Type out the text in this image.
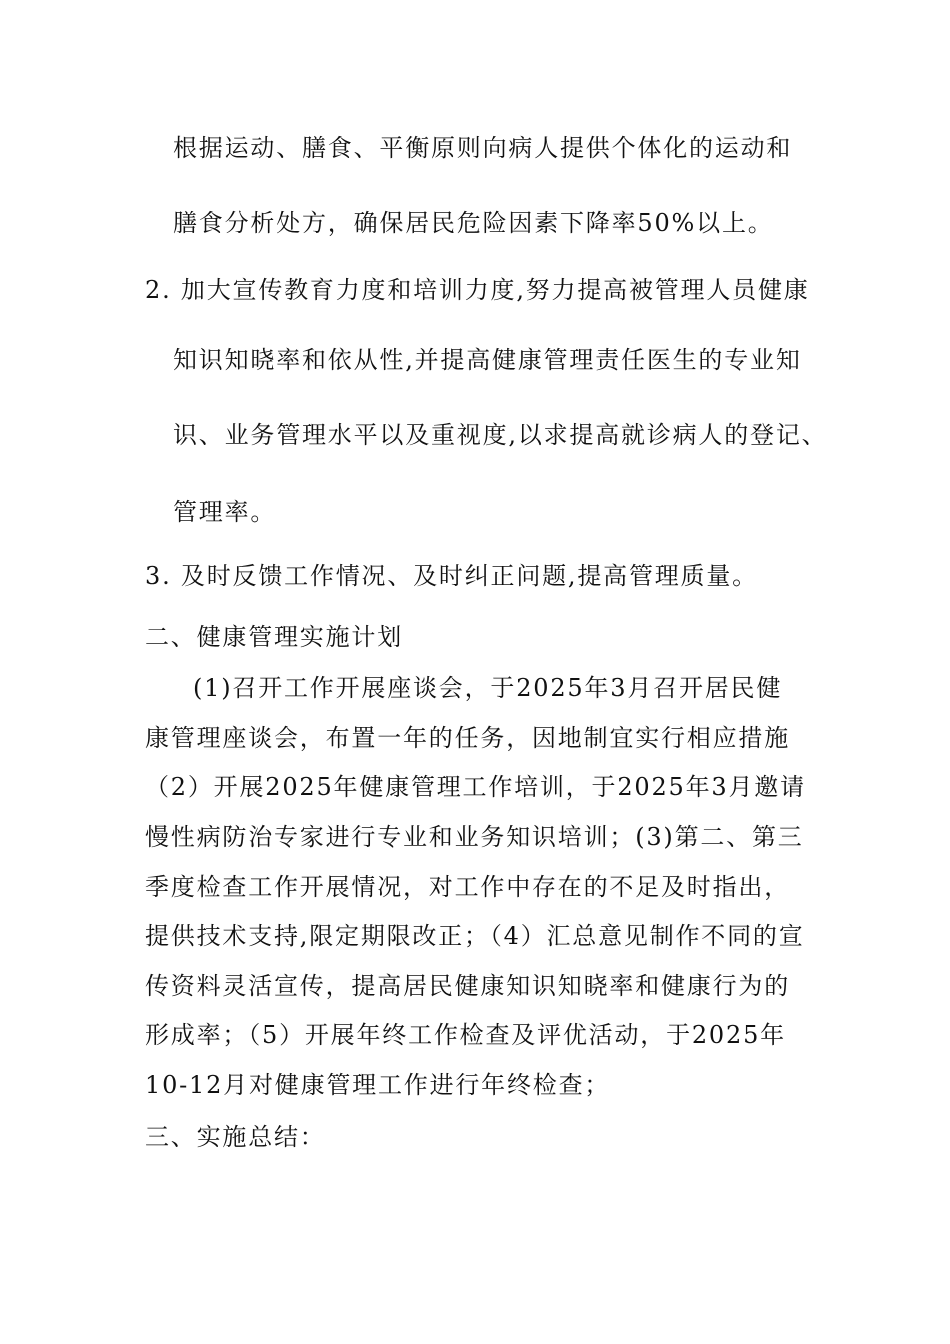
根据运动、膳食、平衡原则向病人提供个体化的运动和
膳食分析处方，确保居民危险因素下降率50%以上。
2. 加大宣传教育力度和培训力度,努力提高被管理人员健康
知识知晓率和依从性,并提高健康管理责任医生的专业知
识、业务管理水平以及重视度,以求提高就诊病人的登记、
管理率。
3. 及时反馈工作情况、及时纠正问题,提高管理质量。
二、健康管理实施计划
(1)召开工作开展座谈会，于2025年3月召开居民健
康管理座谈会，布置一年的任务，因地制宜实行相应措施
（2）开展2025年健康管理工作培训，于2025年3月邀请
慢性病防治专家进行专业和业务知识培训；(3)第二、第三
季度检查工作开展情况，对工作中存在的不足及时指出，
提供技术支持,限定期限改正；（4）汇总意见制作不同的宣
传资料灵活宣传，提高居民健康知识知晓率和健康行为的
形成率；（5）开展年终工作检查及评优活动，于2025年
10-12月对健康管理工作进行年终检查；
三、实施总结：
